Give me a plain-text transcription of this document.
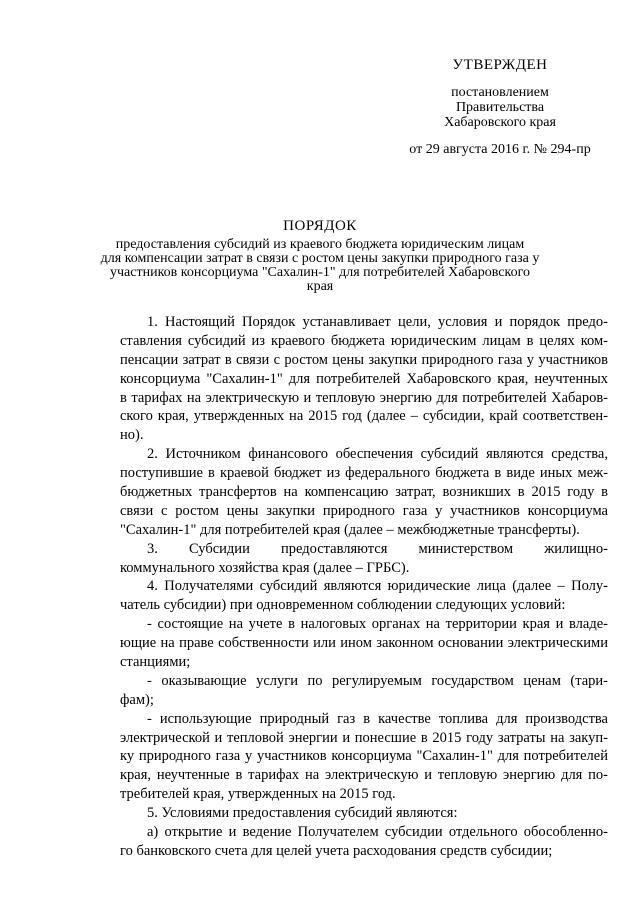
УТВЕРЖДЕН
постановлением
Правительства
Хабаровского края
от 29 августа 2016 г. № 294-пр
ПОРЯДОК
предоставления субсидий из краевого бюджета юридическим лицам
для компенсации затрат в связи с ростом цены закупки природного газа у
участников консорциума "Сахалин-1" для потребителей Хабаровского края
1. Настоящий Порядок устанавливает цели, условия и порядок предо-
ставления субсидий из краевого бюджета юридическим лицам в целях ком-
пенсации затрат в связи с ростом цены закупки природного газа у участников
консорциума "Сахалин-1" для потребителей Хабаровского края, неучтенных
в тарифах на электрическую и тепловую энергию для потребителей Хабаров-
ского края, утвержденных на 2015 год (далее – субсидии, край соответствен-
но).
2. Источником финансового обеспечения субсидий являются средства,
поступившие в краевой бюджет из федерального бюджета в виде иных меж-
бюджетных трансфертов на компенсацию затрат, возникших в 2015 году в
связи с ростом цены закупки природного газа у участников консорциума
"Сахалин-1" для потребителей края (далее – межбюджетные трансферты).
3. Субсидии предоставляются министерством жилищно-
коммунального хозяйства края (далее – ГРБС).
4. Получателями субсидий являются юридические лица (далее – Полу-
чатель субсидии) при одновременном соблюдении следующих условий:
- состоящие на учете в налоговых органах на территории края и владе-
ющие на праве собственности или ином законном основании электрическими
станциями;
- оказывающие услуги по регулируемым государством ценам (тари-
фам);
- использующие природный газ в качестве топлива для производства
электрической и тепловой энергии и понесшие в 2015 году затраты на закуп-
ку природного газа у участников консорциума "Сахалин-1" для потребителей
края, неучтенные в тарифах на электрическую и тепловую энергию для по-
требителей края, утвержденных на 2015 год.
5. Условиями предоставления субсидий являются:
а) открытие и ведение Получателем субсидии отдельного обособленно-
го банковского счета для целей учета расходования средств субсидии;
